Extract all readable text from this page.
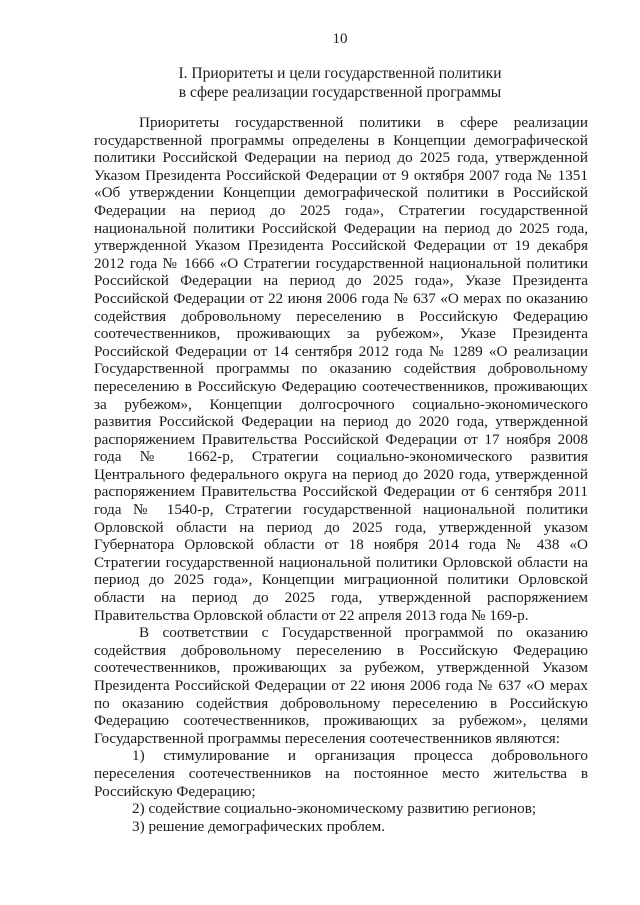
10
I. Приоритеты и цели государственной политики
в сфере реализации государственной программы

Приоритеты государственной политики в сфере реализации государственной программы определены в Концепции демографической политики Российской Федерации на период до 2025 года, утвержденной Указом Президента Российской Федерации от 9 октября 2007 года № 1351 «Об утверждении Концепции демографической политики в Российской Федерации на период до 2025 года», Стратегии государственной национальной политики Российской Федерации на период до 2025 года, утвержденной Указом Президента Российской Федерации от 19 декабря 2012 года № 1666 «О Стратегии государственной национальной политики Российской Федерации на период до 2025 года», Указе Президента Российской Федерации от 22 июня 2006 года № 637 «О мерах по оказанию содействия добровольному переселению в Российскую Федерацию соотечественников, проживающих за рубежом», Указе Президента Российской Федерации от 14 сентября 2012 года № 1289 «О реализации Государственной программы по оказанию содействия добровольному переселению в Российскую Федерацию соотечественников, проживающих за рубежом», Концепции долгосрочного социально-экономического развития Российской Федерации на период до 2020 года, утвержденной распоряжением Правительства Российской Федерации от 17 ноября 2008 года № 1662-р, Стратегии социально-экономического развития Центрального федерального округа на период до 2020 года, утвержденной распоряжением Правительства Российской Федерации от 6 сентября 2011 года № 1540-р, Стратегии государственной национальной политики Орловской области на период до 2025 года, утвержденной указом Губернатора Орловской области от 18 ноября 2014 года № 438 «О Стратегии государственной национальной политики Орловской области на период до 2025 года», Концепции миграционной политики Орловской области на период до 2025 года, утвержденной распоряжением Правительства Орловской области от 22 апреля 2013 года № 169-р.

В соответствии с Государственной программой по оказанию содействия добровольному переселению в Российскую Федерацию соотечественников, проживающих за рубежом, утвержденной Указом Президента Российской Федерации от 22 июня 2006 года № 637 «О мерах по оказанию содействия добровольному переселению в Российскую Федерацию соотечественников, проживающих за рубежом», целями Государственной программы переселения соотечественников являются:

1) стимулирование и организация процесса добровольного переселения соотечественников на постоянное место жительства в Российскую Федерацию;

2) содействие социально-экономическому развитию регионов;

3) решение демографических проблем.
